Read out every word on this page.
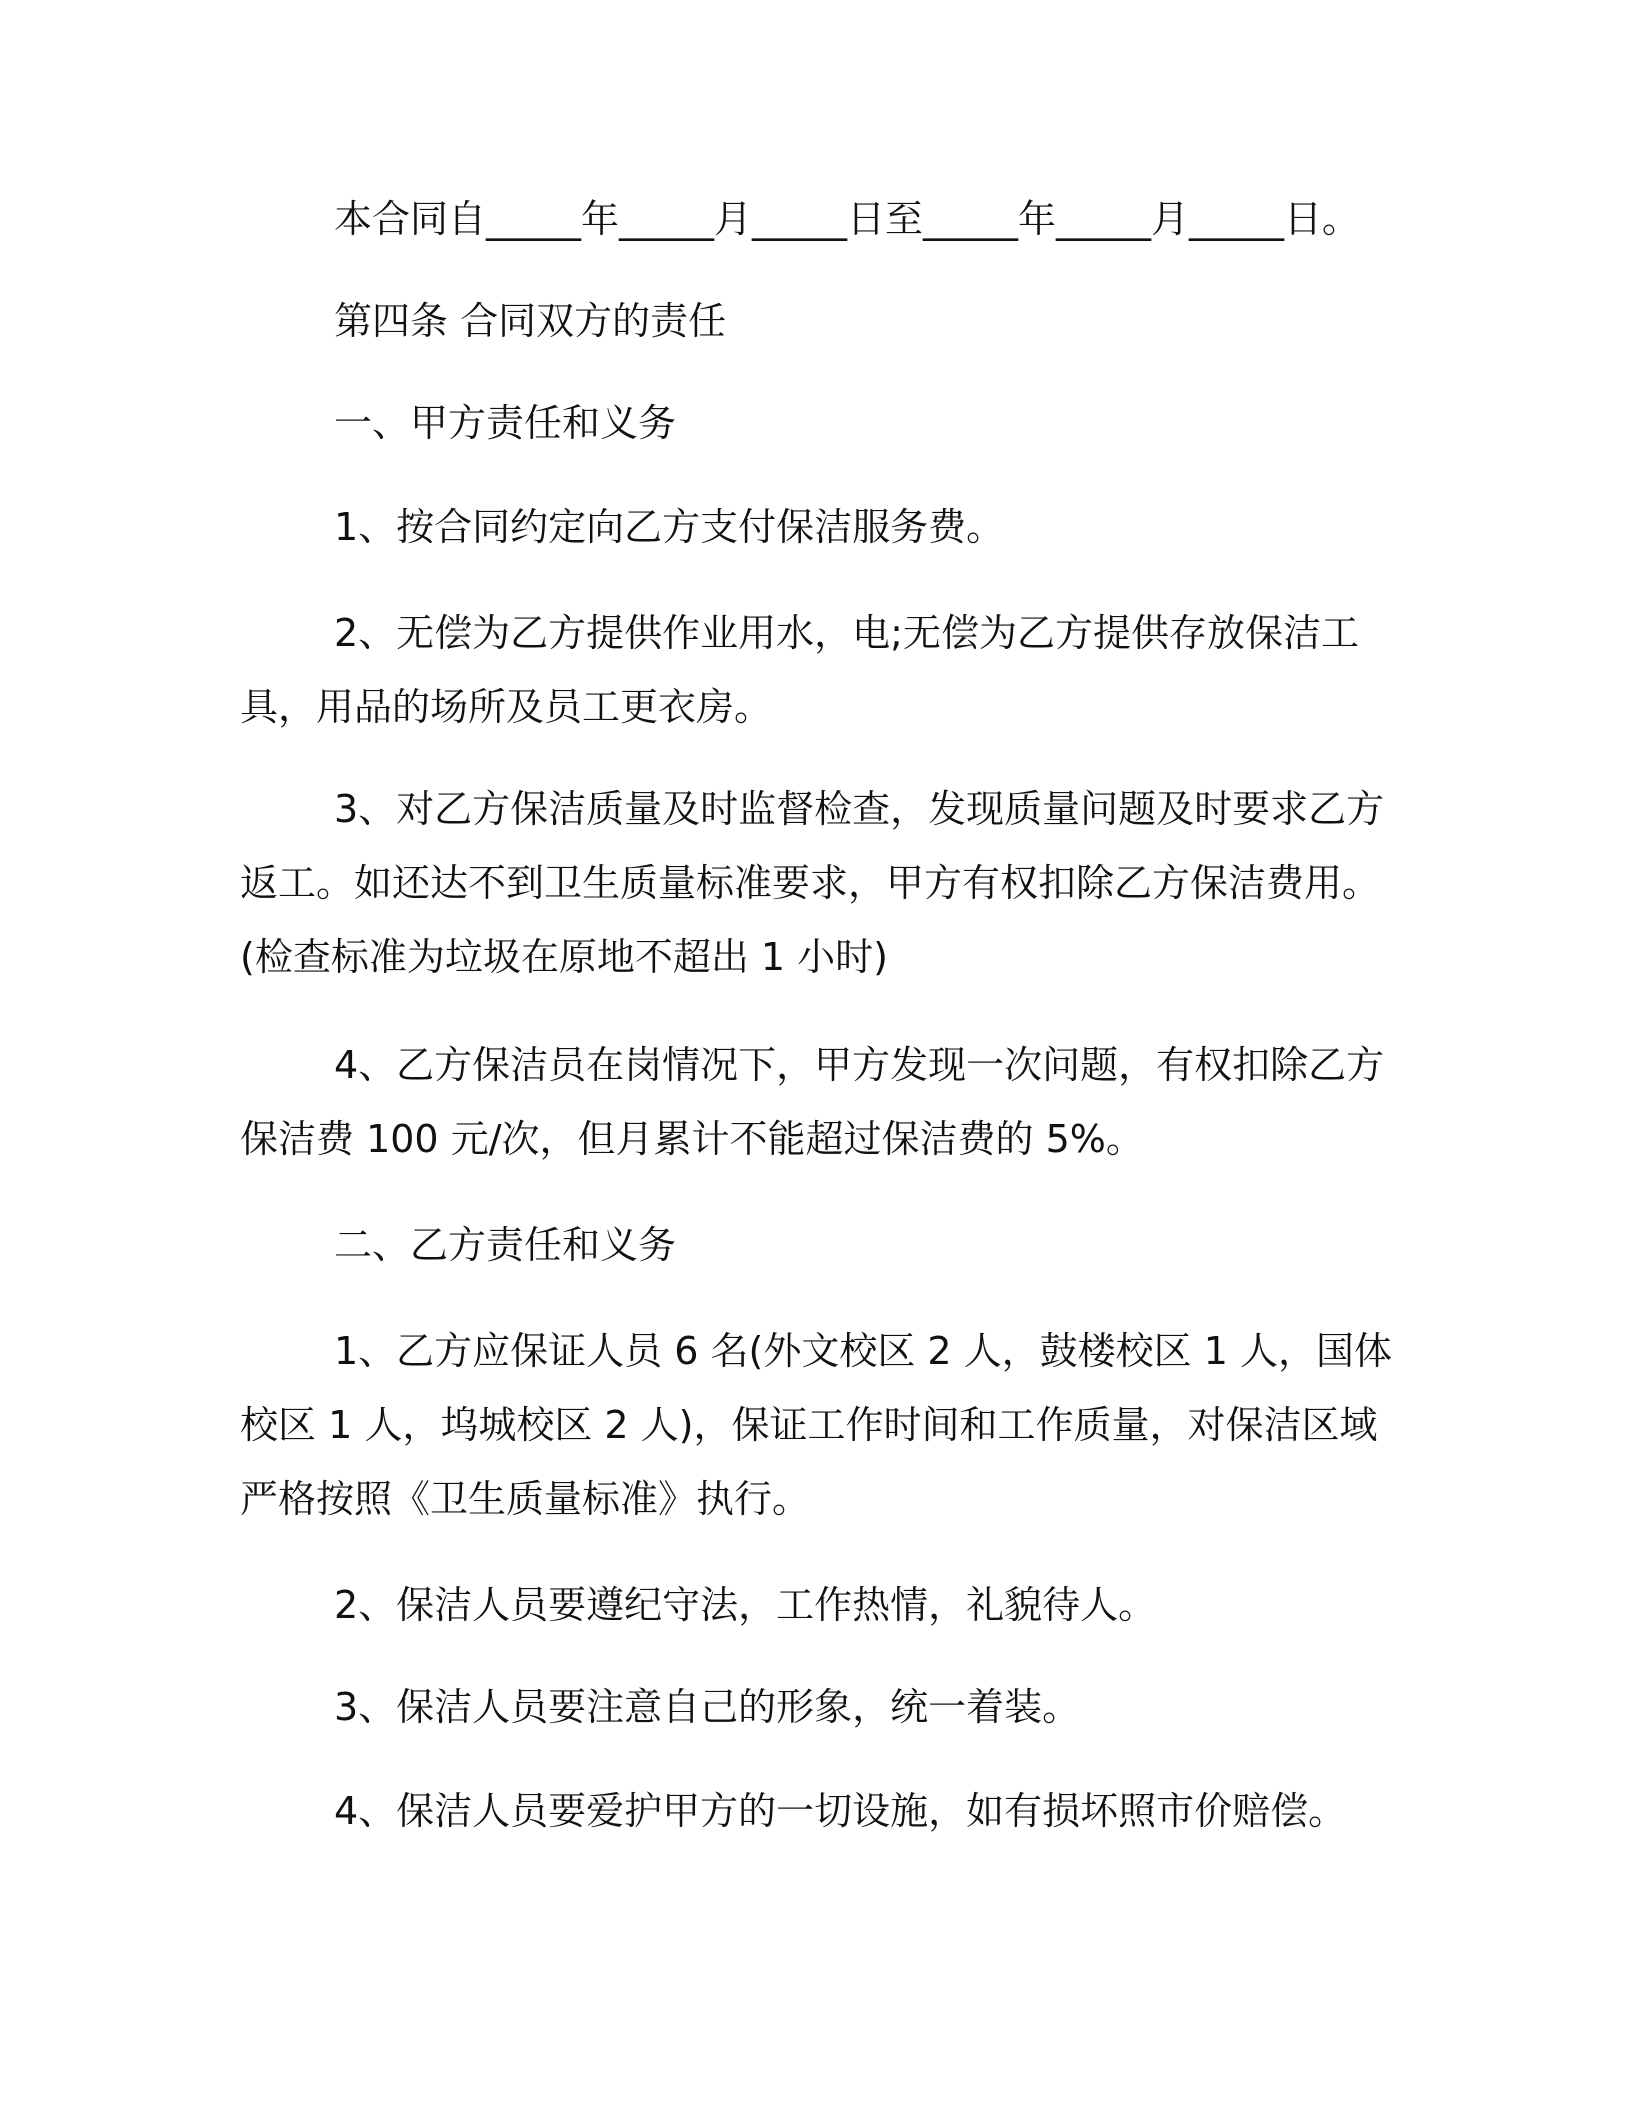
本合同自_____年_____月_____日至_____年_____月_____日。

第四条 合同双方的责任

一、甲方责任和义务

1、按合同约定向乙方支付保洁服务费。

2、无偿为乙方提供作业用水，电;无偿为乙方提供存放保洁工具，用品的场所及员工更衣房。

3、对乙方保洁质量及时监督检查，发现质量问题及时要求乙方返工。如还达不到卫生质量标准要求，甲方有权扣除乙方保洁费用。(检查标准为垃圾在原地不超出 1 小时)

4、乙方保洁员在岗情况下，甲方发现一次问题，有权扣除乙方保洁费 100 元/次，但月累计不能超过保洁费的 5%。

二、乙方责任和义务

1、乙方应保证人员 6 名(外文校区 2 人，鼓楼校区 1 人，国体校区 1 人，坞城校区 2 人)，保证工作时间和工作质量，对保洁区域严格按照《卫生质量标准》执行。

2、保洁人员要遵纪守法，工作热情，礼貌待人。

3、保洁人员要注意自己的形象，统一着装。

4、保洁人员要爱护甲方的一切设施，如有损坏照市价赔偿。
